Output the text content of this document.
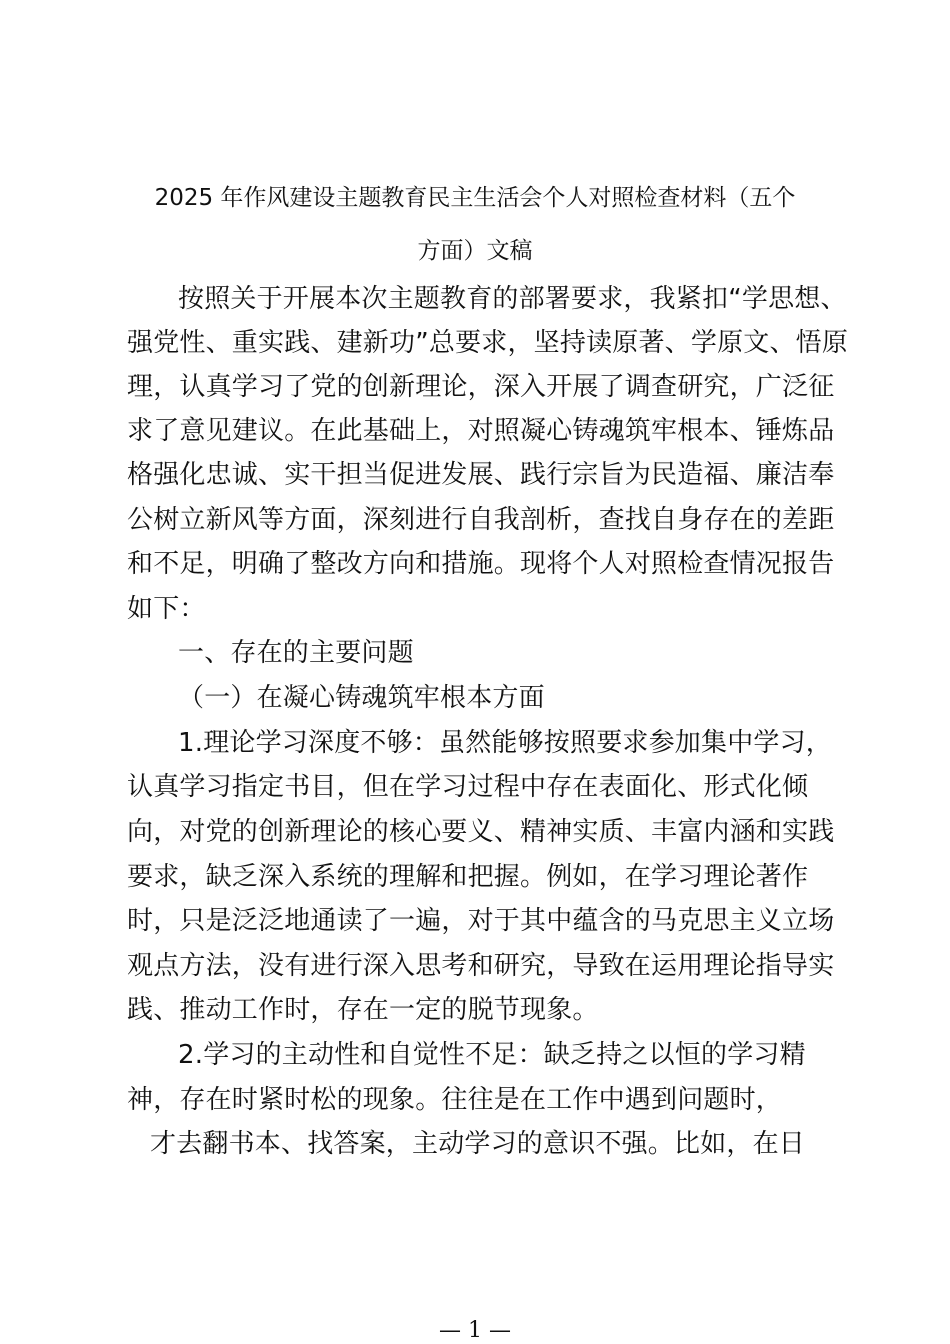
2025 年作风建设主题教育民主生活会个人对照检查材料（五个
方面）文稿
按照关于开展本次主题教育的部署要求，我紧扣“学思想、
强党性、重实践、建新功”总要求，坚持读原著、学原文、悟原
理，认真学习了党的创新理论，深入开展了调查研究，广泛征
求了意见建议。在此基础上，对照凝心铸魂筑牢根本、锤炼品
格强化忠诚、实干担当促进发展、践行宗旨为民造福、廉洁奉
公树立新风等方面，深刻进行自我剖析，查找自身存在的差距
和不足，明确了整改方向和措施。现将个人对照检查情况报告
如下：
一、存在的主要问题
（一）在凝心铸魂筑牢根本方面
1.理论学习深度不够：虽然能够按照要求参加集中学习，
认真学习指定书目，但在学习过程中存在表面化、形式化倾
向，对党的创新理论的核心要义、精神实质、丰富内涵和实践
要求，缺乏深入系统的理解和把握。例如，在学习理论著作
时，只是泛泛地通读了一遍，对于其中蕴含的马克思主义立场
观点方法，没有进行深入思考和研究，导致在运用理论指导实
践、推动工作时，存在一定的脱节现象。
2.学习的主动性和自觉性不足：缺乏持之以恒的学习精
神，存在时紧时松的现象。往往是在工作中遇到问题时，
才去翻书本、找答案，主动学习的意识不强。比如，在日
— 1 —
